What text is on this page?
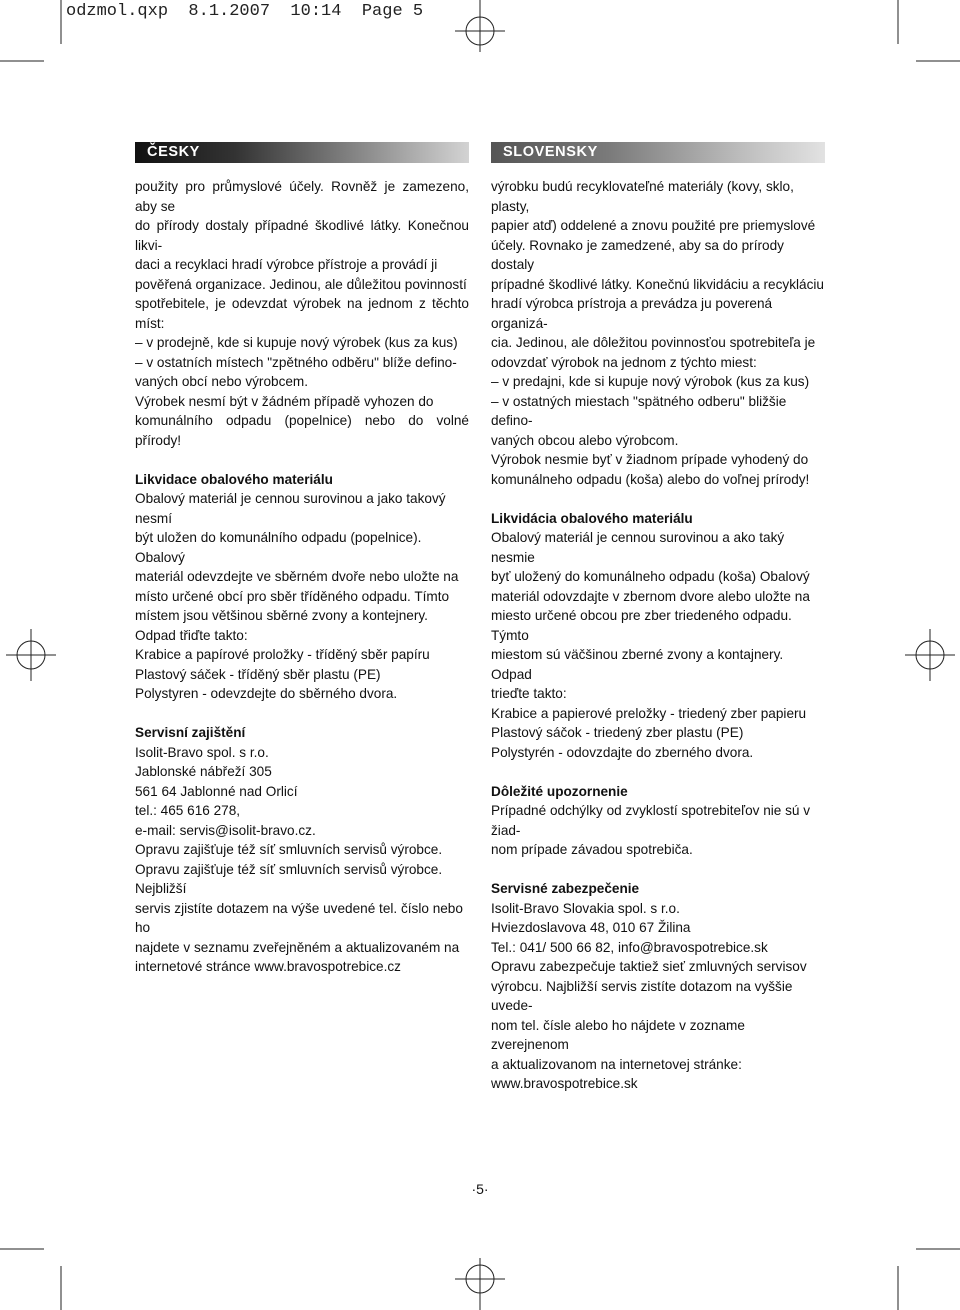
odzmol.qxp  8.1.2007  10:14  Page 5
ČESKY

použity pro průmyslové účely. Rovněž je zamezeno, aby se
do přírody dostaly případné škodlivé látky. Konečnou likvi-
daci a recyklaci hradí výrobce přístroje a provádí ji
pověřená organizace. Jedinou, ale důležitou povinností
spotřebitele, je odevzdat výrobek na jednom z těchto míst:
– v prodejně, kde si kupuje nový výrobek (kus za kus)
– v ostatních místech "zpětného odběru" blíže defino-
vaných obcí nebo výrobcem.
Výrobek nesmí být v žádném případě vyhozen do
komunálního odpadu (popelnice) nebo do volné přírody!

Likvidace obalového materiálu

Obalový materiál je cennou surovinou a jako takový nesmí
být uložen do komunálního odpadu (popelnice). Obalový
materiál odevzdejte ve sběrném dvoře nebo uložte na
místo určené obcí pro sběr tříděného odpadu. Tímto
místem jsou většinou sběrné zvony a kontejnery.
Odpad třiďte takto:
Krabice a papírové proložky - tříděný sběr papíru
Plastový sáček - tříděný sběr plastu (PE)
Polystyren - odevzdejte do sběrného dvora.

Servisní zajištění

Isolit-Bravo spol. s r.o.
Jablonské nábřeží 305
561 64 Jablonné nad Orlicí
tel.: 465 616 278,
e-mail: servis@isolit-bravo.cz.
Opravu zajišťuje též síť smluvních servisů výrobce.
Opravu zajišťuje též síť smluvních servisů výrobce. Nejbližší
servis zjistíte dotazem na výše uvedené tel. číslo nebo ho
najdete v seznamu zveřejněném a aktualizovaném na
internetové stránce www.bravospotrebice.cz

SLOVENSKY

výrobku budú recyklovateľné materiály (kovy, sklo, plasty,
papier atď) oddelené a znovu použité pre priemyslové
účely. Rovnako je zamedzené, aby sa do prírody dostaly
prípadné škodlivé látky. Konečnú likvidáciu a recykláciu
hradí výrobca prístroja a prevádza ju poverená organizá-
cia. Jedinou, ale dôležitou povinnosťou spotrebiteľa je
odovzdať výrobok na jednom z týchto miest:
– v predajni, kde si kupuje nový výrobok (kus za kus)
– v ostatných miestach "spätného odberu" bližšie defino-
vaných obcou alebo výrobcom.
Výrobok nesmie byť v žiadnom prípade vyhodený do
komunálneho odpadu (koša) alebo do voľnej prírody!

Likvidácia obalového materiálu

Obalový materiál je cennou surovinou a ako taký nesmie
byť uložený do komunálneho odpadu (koša) Obalový
materiál odovzdajte v zbernom dvore alebo uložte na
miesto určené obcou pre zber triedeného odpadu. Týmto
miestom sú väčšinou zberné zvony a kontajnery. Odpad
trieďte takto:
Krabice a papierové preložky - triedený zber papieru
Plastový sáčok - triedený zber plastu (PE)
Polystyrén - odovzdajte do zberného dvora.

Dôležité upozornenie

Prípadné odchýlky od zvyklostí spotrebiteľov nie sú v žiad-
nom prípade závadou spotrebiča.

Servisné zabezpečenie

Isolit-Bravo Slovakia spol. s r.o.
Hviezdoslavova 48, 010 67 Žilina
Tel.: 041/ 500 66 82, info@bravospotrebice.sk
Opravu zabezpečuje taktiež sieť zmluvných servisov
výrobcu. Najbližší servis zistíte dotazom na vyššie uvede-
nom tel. čísle alebo ho nájdete v zozname zverejnenom
a aktualizovanom na internetovej stránke:
www.bravospotrebice.sk

·5·
